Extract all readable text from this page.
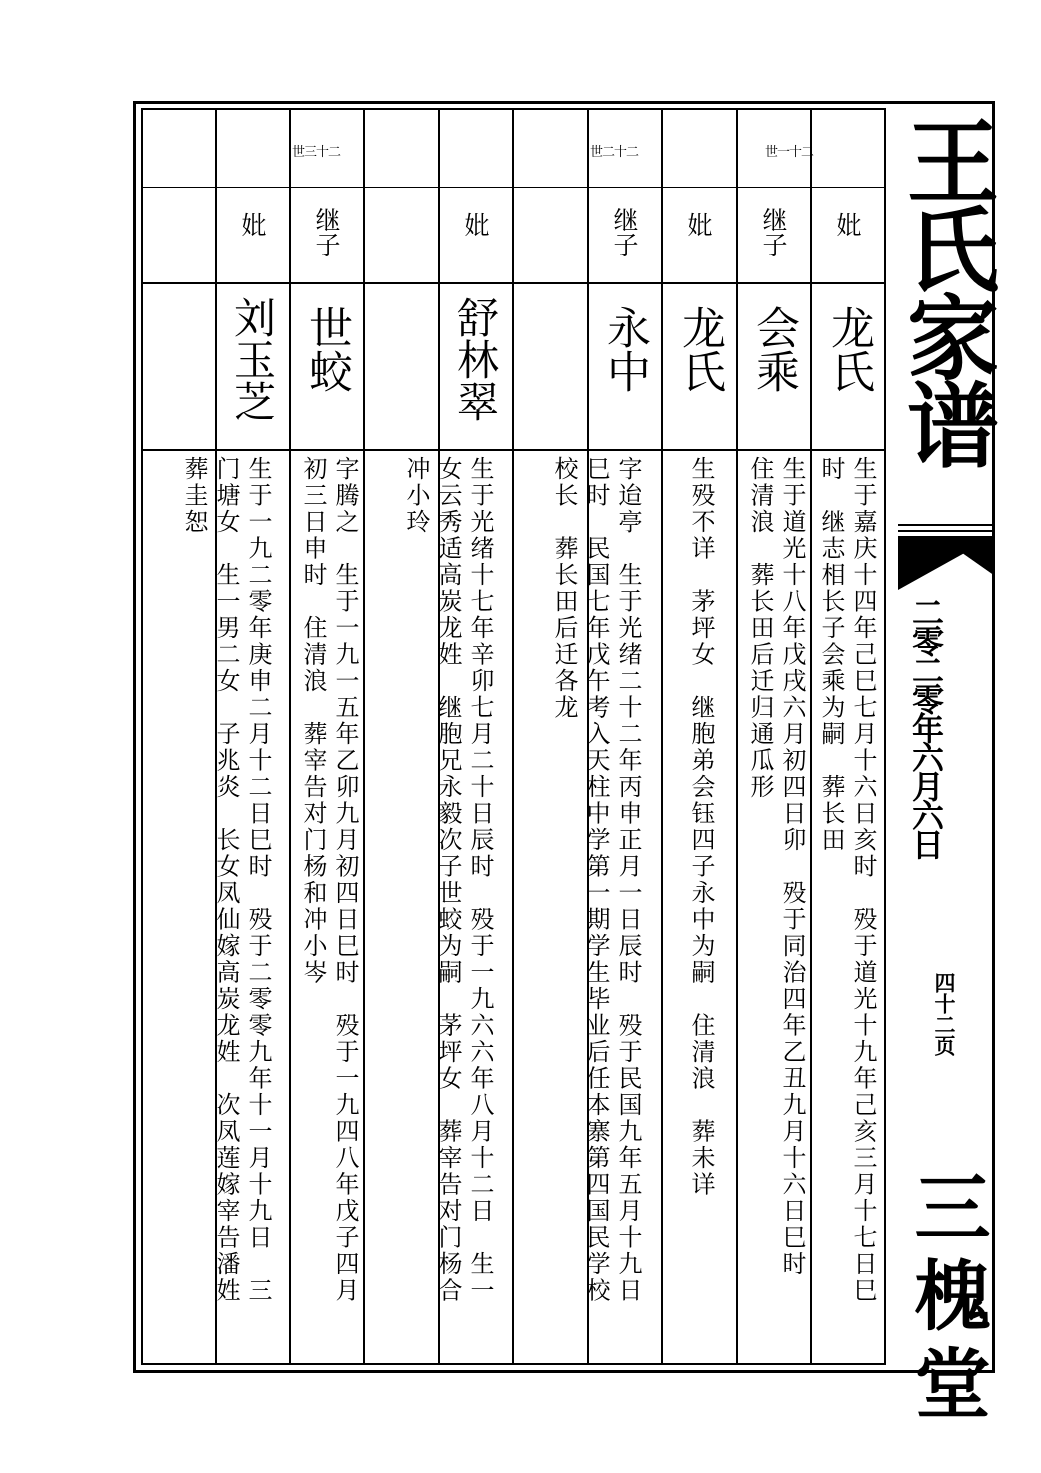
妣
龙氏
生于嘉庆十四年己巳七月十六日亥时　殁于道光十九年己亥三月十七日巳
时　继志相长子会乘为嗣　葬长田
世一十二
继子
会乘
生于道光十八年戊戌六月初四日卯　殁于同治四年乙丑九月十六日巳时
住清浪　葬长田后迁归通瓜形
妣
龙氏
生殁不详　茅坪女　继胞弟会钰四子永中为嗣　住清浪　葬未详
世二十二
继子
永中
字迨亭　生于光绪二十二年丙申正月一日辰时　殁于民国九年五月十九日
巳时　民国七年戊午考入天柱中学第一期学生毕业后任本寨第四国民学校
校长　葬长田后迁各龙
妣
舒林翠
生于光绪十七年辛卯七月二十日辰时　殁于一九六六年八月十二日　生一
女云秀适高炭龙姓　继胞兄永毅次子世蛟为嗣　茅坪女　葬宰告对门杨合
冲小玲
世三十二
继子
世蛟
字腾之　生于一九一五年乙卯九月初四日巳时　殁于一九四八年戊子四月
初三日申时　住清浪　葬宰告对门杨和冲小岑
妣
刘玉芝
生于一九二零年庚申二月十二日巳时　殁于二零零九年十一月十九日　三
门塘女　生一男二女　子兆炎　长女凤仙嫁高炭龙姓　次凤莲嫁宰告潘姓
葬圭恕
王氏家谱
二零二零年六月六日
四十二页
三槐堂
